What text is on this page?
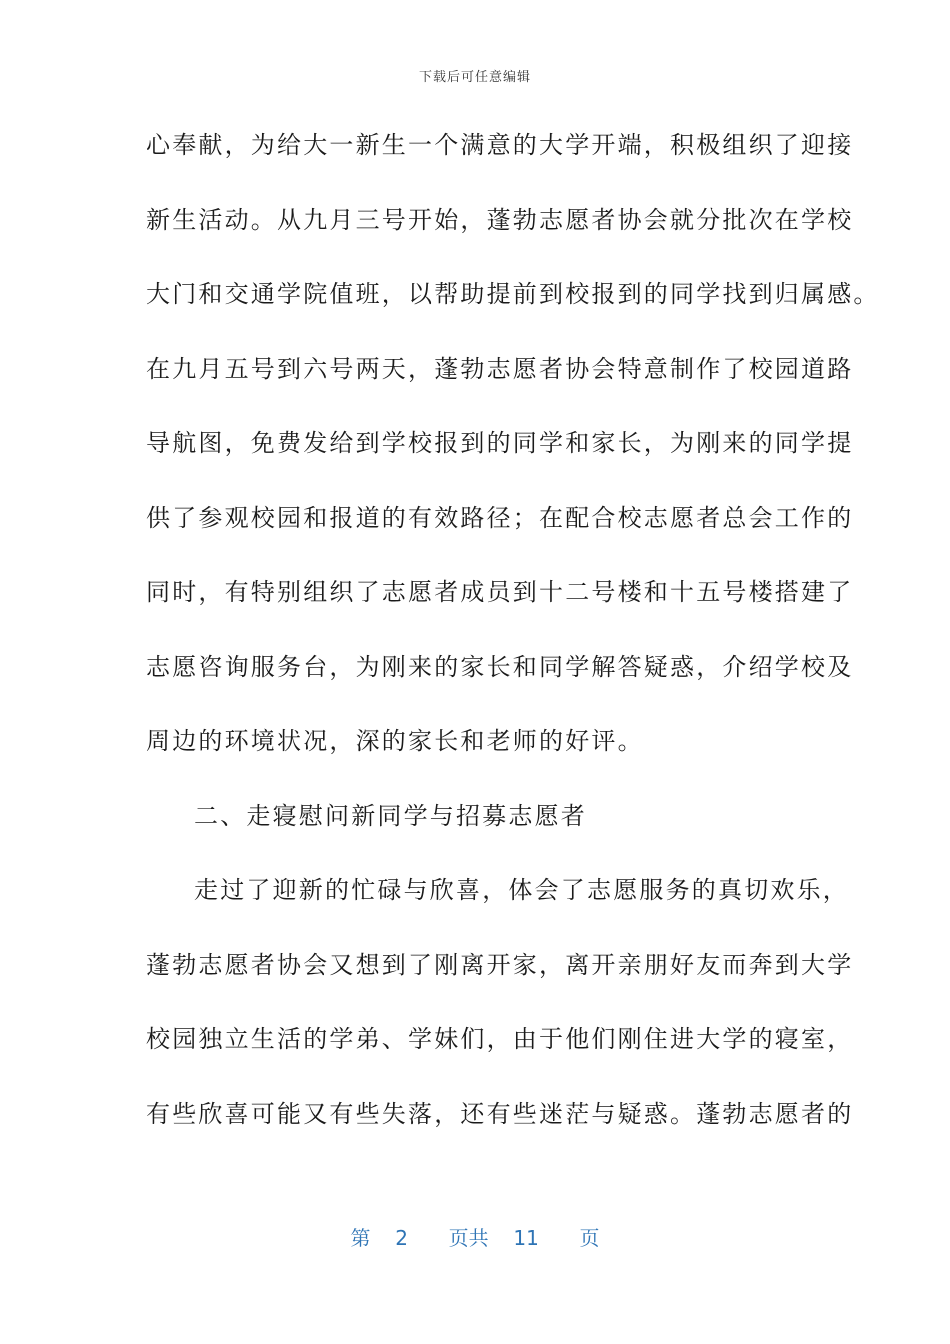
下载后可任意编辑
心奉献，为给大一新生一个满意的大学开端，积极组织了迎接
新生活动。从九月三号开始，蓬勃志愿者协会就分批次在学校
大门和交通学院值班，以帮助提前到校报到的同学找到归属感。
在九月五号到六号两天，蓬勃志愿者协会特意制作了校园道路
导航图，免费发给到学校报到的同学和家长，为刚来的同学提
供了参观校园和报道的有效路径；在配合校志愿者总会工作的
同时，有特别组织了志愿者成员到十二号楼和十五号楼搭建了
志愿咨询服务台，为刚来的家长和同学解答疑惑，介绍学校及
周边的环境状况，深的家长和老师的好评。
二、走寝慰问新同学与招募志愿者
走过了迎新的忙碌与欣喜，体会了志愿服务的真切欢乐，
蓬勃志愿者协会又想到了刚离开家，离开亲朋好友而奔到大学
校园独立生活的学弟、学妹们，由于他们刚住进大学的寝室，
有些欣喜可能又有些失落，还有些迷茫与疑惑。蓬勃志愿者的
第 2 页共 11 页
